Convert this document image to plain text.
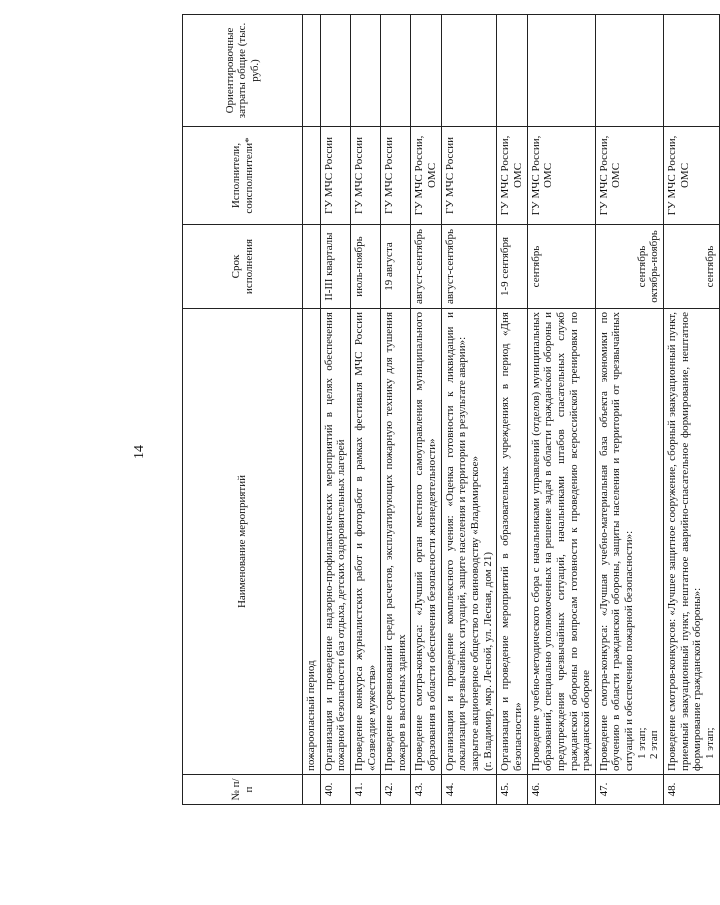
14
№ п/п	Наименование мероприятий	Срок исполнения	Исполнители, соисполнители*	Ориентировочные затраты общие (тыс. руб.)
	пожароопасный период			
40.	Организация и проведение надзорно-профилактических мероприятий в целях обеспечения пожарной безопасности баз отдыха, детских оздоровительных лагерей	II-III кварталы	ГУ МЧС России	
41.	Проведение конкурса журналистских работ и фоторабот в рамках фестиваля МЧС России «Созвездие мужества»	июль-ноябрь	ГУ МЧС России	
42.	Проведение соревнований среди расчетов, эксплуатирующих пожарную технику для тушения пожаров в высотных зданиях	19 августа	ГУ МЧС России	
43.	Проведение смотра-конкурса: «Лучший орган местного самоуправления муниципального образования в области обеспечения безопасности жизнедеятельности»	август-сентябрь	ГУ МЧС России, ОМС	
44.	Организация и проведение комплексного учения: «Оценка готовности к ликвидации и локализации чрезвычайных ситуаций, защите населения и территории в результате аварии»: закрытое акционерное общество по свиноводству «Владимирское» (г. Владимир, мкр. Лесной, ул. Лесная, дом 21)	август-сентябрь	ГУ МЧС России	
45.	Организация и проведение мероприятий в образовательных учреждениях в период «Дня безопасности»	1-9 сентября	ГУ МЧС России, ОМС	
46.	Проведение учебно-методического сбора с начальниками управлений (отделов) муниципальных образований, специально уполномоченных на решение задач в области гражданской обороны и предупреждения чрезвычайных ситуаций, начальниками штабов спасательных служб гражданской обороны по вопросам готовности к проведению всероссийской тренировки по гражданской обороне	сентябрь	ГУ МЧС России, ОМС	
47.	Проведение смотра-конкурса: «Лучшая учебно-материальная база объекта экономики по обучению в области гражданской обороны, защиты населения и территорий от чрезвычайных ситуаций и обеспечению пожарной безопасности»: 1 этап; 2 этап	сентябрь октябрь-ноябрь	ГУ МЧС России, ОМС	
48.	Проведение смотров-конкурсов: «Лучшее защитное сооружение, сборный эвакуационный пункт, приемный эвакуационный пункт, нештатное аварийно-спасательное формирование, нештатное формирование гражданской обороны»: 1 этап;	сентябрь	ГУ МЧС России, ОМС	
